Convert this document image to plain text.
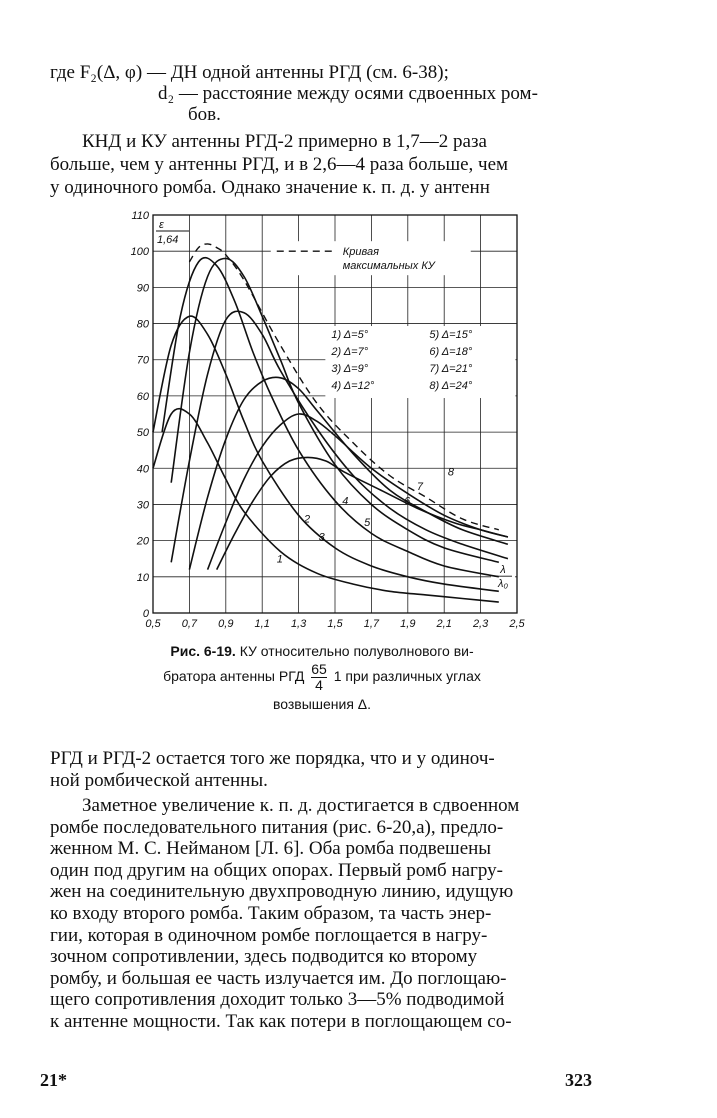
где F₂(Δ, φ) — ДН одной антенны РГД (см. 6-38);
d₂ — расстояние между осями сдвоенных ром-
бов.
КНД и КУ антенны РГД-2 примерно в 1,7—2 раза
больше, чем у антенны РГД, и в 2,6—4 раза больше, чем
у одиночного ромба. Однако значение к. п. д. у антенн
0,5 0,7 0,9 1,1 1,3 1,5 1,7 1,9 2,1 2,3 2,5
0
10
20
30
40
50
60
70
80
90
100
110
ε
1,64
λ
λ₀
1
2
3
4
5
6
7
8
Кривая
максимальных КУ
1) Δ=5°
2) Δ=7°
3) Δ=9°
4) Δ=12°
5) Δ=15°
6) Δ=18°
7) Δ=21°
8) Δ=24°
Рис. 6-19. КУ относительно полуволнового ви-
братора антенны РГД $\frac{65}{4} 1$ при различных углах
возвышения Δ.
РГД и РГД-2 остается того же порядка, что и у одиноч-
ной ромбической антенны.
Заметное увеличение к. п. д. достигается в сдвоенном
ромбе последовательного питания (рис. 6-20,а), предло-
женном М. С. Нейманом [Л. 6]. Оба ромба подвешены
один под другим на общих опорах. Первый ромб нагру-
жен на соединительную двухпроводную линию, идущую
ко входу второго ромба. Таким образом, та часть энер-
гии, которая в одиночном ромбе поглощается в нагру-
зочном сопротивлении, здесь подводится ко второму
ромбу, и большая ее часть излучается им. До поглощаю-
щего сопротивления доходит только 3—5% подводимой
к антенне мощности. Так как потери в поглощающем со-
21*	323
